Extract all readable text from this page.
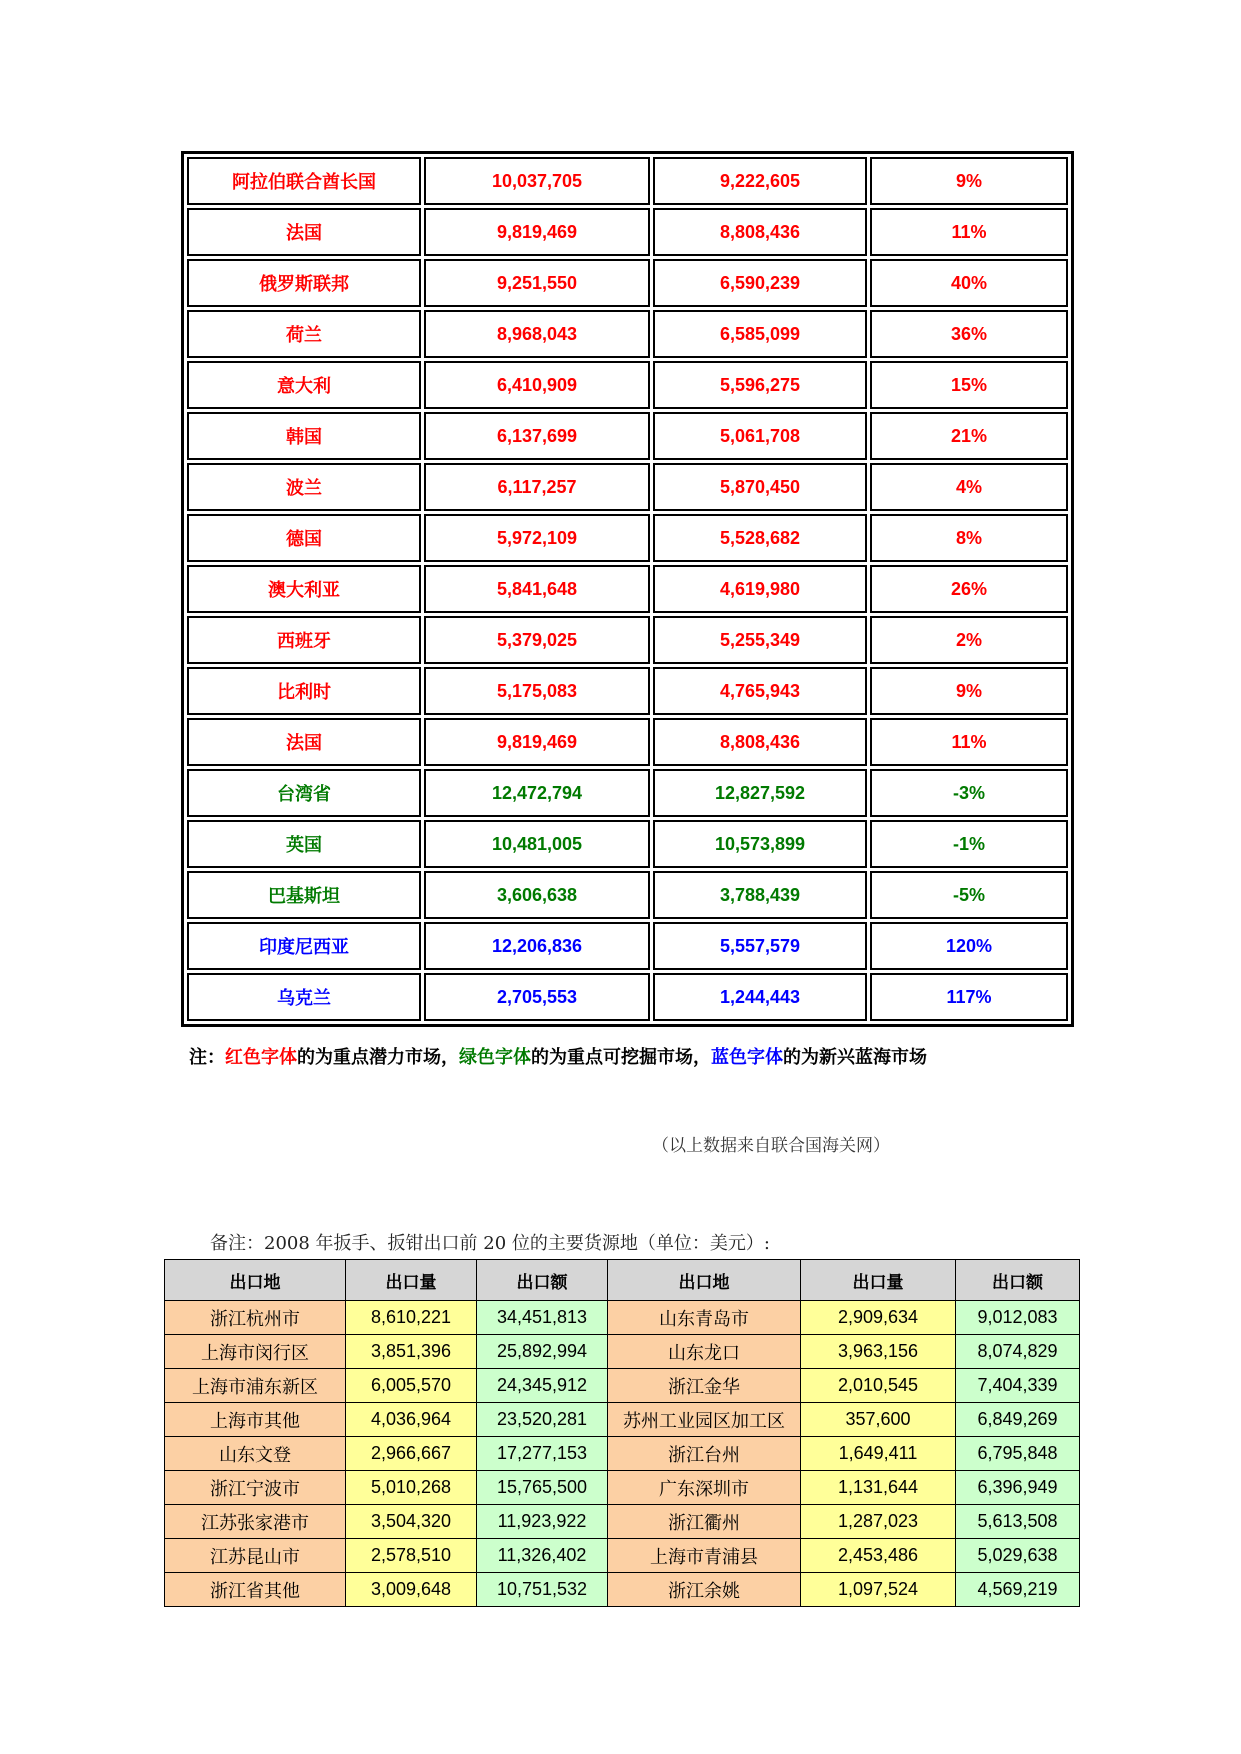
阿拉伯联合酋长国	10,037,705	9,222,605	9%
法国	9,819,469	8,808,436	11%
俄罗斯联邦	9,251,550	6,590,239	40%
荷兰	8,968,043	6,585,099	36%
意大利	6,410,909	5,596,275	15%
韩国	6,137,699	5,061,708	21%
波兰	6,117,257	5,870,450	4%
德国	5,972,109	5,528,682	8%
澳大利亚	5,841,648	4,619,980	26%
西班牙	5,379,025	5,255,349	2%
比利时	5,175,083	4,765,943	9%
法国	9,819,469	8,808,436	11%
台湾省	12,472,794	12,827,592	-3%
英国	10,481,005	10,573,899	-1%
巴基斯坦	3,606,638	3,788,439	-5%
印度尼西亚	12,206,836	5,557,579	120%
乌克兰	2,705,553	1,244,443	117%
注：红色字体的为重点潜力市场，绿色字体的为重点可挖掘市场，蓝色字体的为新兴蓝海市场
（以上数据来自联合国海关网）
备注：2008 年扳手、扳钳出口前 20 位的主要货源地（单位：美元）:
出口地	出口量	出口额	出口地	出口量	出口额
浙江杭州市	8,610,221	34,451,813	山东青岛市	2,909,634	9,012,083
上海市闵行区	3,851,396	25,892,994	山东龙口	3,963,156	8,074,829
上海市浦东新区	6,005,570	24,345,912	浙江金华	2,010,545	7,404,339
上海市其他	4,036,964	23,520,281	苏州工业园区加工区	357,600	6,849,269
山东文登	2,966,667	17,277,153	浙江台州	1,649,411	6,795,848
浙江宁波市	5,010,268	15,765,500	广东深圳市	1,131,644	6,396,949
江苏张家港市	3,504,320	11,923,922	浙江衢州	1,287,023	5,613,508
江苏昆山市	2,578,510	11,326,402	上海市青浦县	2,453,486	5,029,638
浙江省其他	3,009,648	10,751,532	浙江余姚	1,097,524	4,569,219
